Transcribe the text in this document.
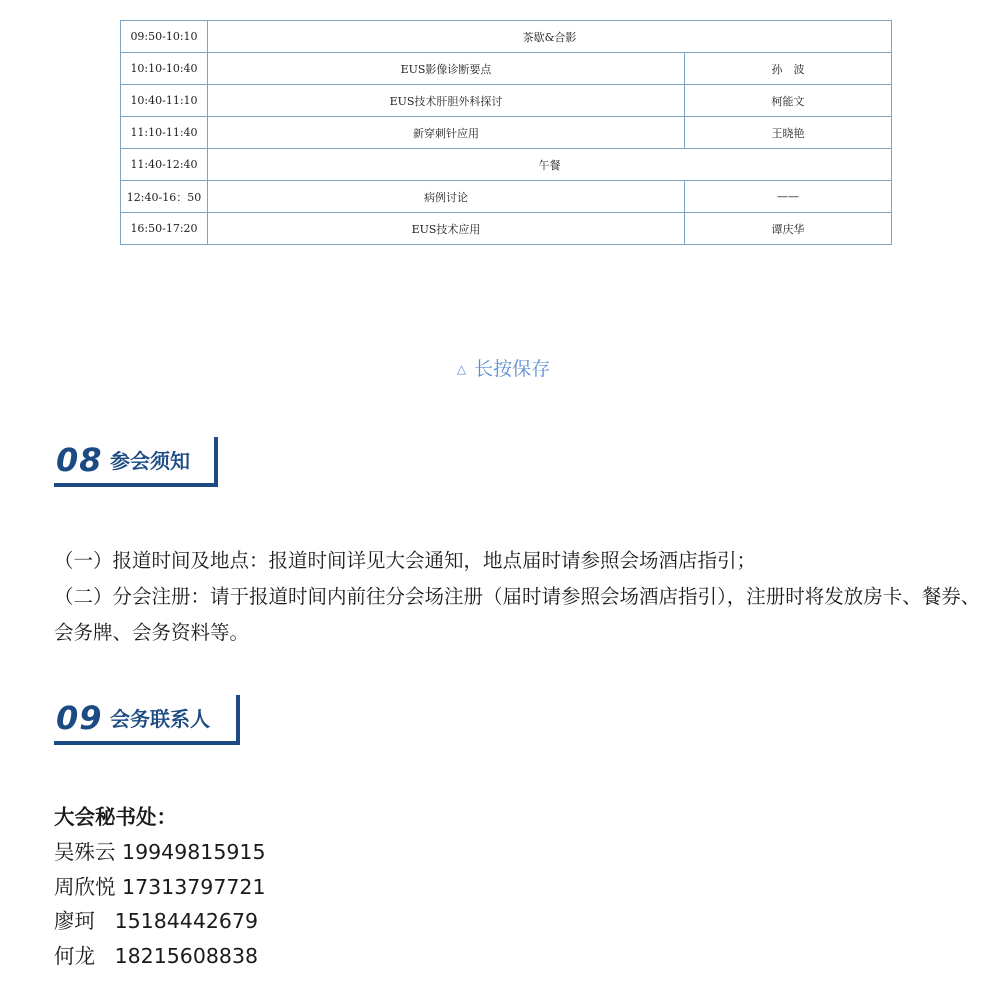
09:50-10:10	茶歇&合影	
10:10-10:40	EUS影像诊断要点	孙　波
10:40-11:10	EUS技术肝胆外科探讨	柯能文
11:10-11:40	新穿刺针应用	王晓艳
11:40-12:40	午餐	
12:40-16：50	病例讨论	——
16:50-17:20	EUS技术应用	谭庆华
△ 长按保存
08 参会须知

（一）报道时间及地点：报道时间详见大会通知，地点届时请参照会场酒店指引；

（二）分会注册：请于报道时间内前往分会场注册（届时请参照会场酒店指引），注册时将发放房卡、餐券、会务牌、会务资料等。

09 会务联系人
大会秘书处：
吴殊云 19949815915
周欣悦 17313797721
廖珂 15184442679
何龙 18215608838
